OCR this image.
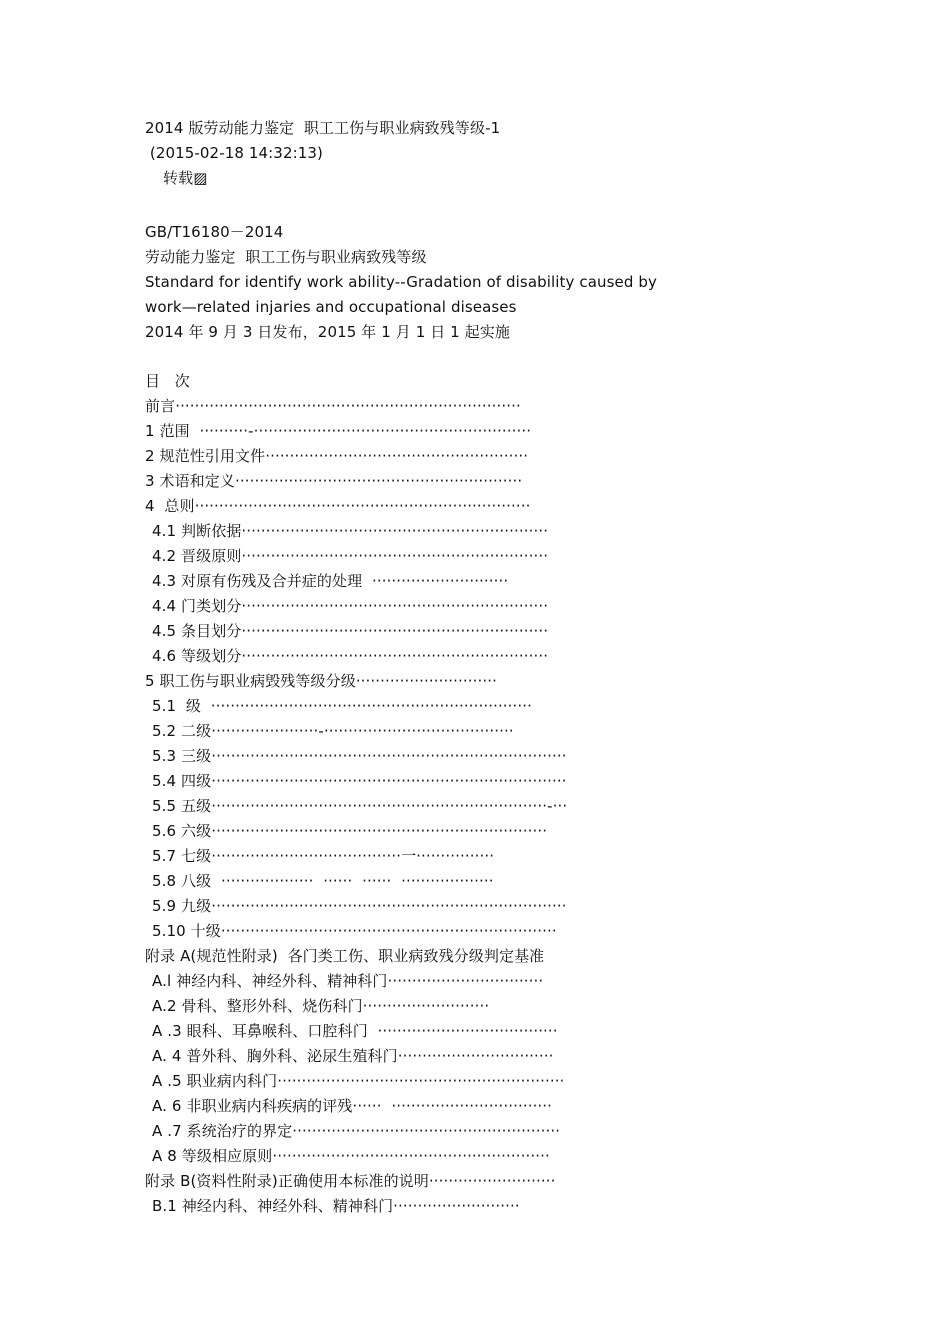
2014 版劳动能力鉴定  职工工伤与职业病致残等级-1
(2015-02-18 14:32:13)
转载▨
GB/T16180－2014
劳动能力鉴定  职工工伤与职业病致残等级
Standard for identify work ability--Gradation of disability caused by
work—related injaries and occupational diseases
2014 年 9 月 3 日发布，2015 年 1 月 1 日 1 起实施
目   次
前言·······································································
1 范围  ··········-·························································
2 规范性引用文件······················································
3 术语和定义···························································
4  总则·····································································
4.1 判断依据·······························································
4.2 晋级原则·······························································
4.3 对原有伤残及合并症的处理  ····························
4.4 门类划分·······························································
4.5 条目划分·······························································
4.6 等级划分·······························································
5 职工伤与职业病毁残等级分级·····························
5.1  级  ··································································
5.2 二级······················-·······································
5.3 三级·········································································
5.4 四级·········································································
5.5 五级·····································································-···
5.6 六级·····································································
5.7 七级·······································一················
5.8 八级  ···················  ······  ······  ···················
5.9 九级·········································································
5.10 十级·····································································
附录 A(规范性附录)  各门类工伤、职业病致残分级判定基准
A.l 神经内科、神经外科、精神科门································
A.2 骨科、整形外科、烧伤科门··························
A .3 眼科、耳鼻喉科、口腔科门  ·····································
A. 4 普外科、胸外科、泌尿生殖科门································
A .5 职业病内科门···························································
A. 6 非职业病内科疾病的评残······  ·································
A .7 系统治疗的界定·······················································
A 8 等级相应原则·························································
附录 B(资料性附录)正确使用本标准的说明··························
B.1 神经内科、神经外科、精神科门··························
